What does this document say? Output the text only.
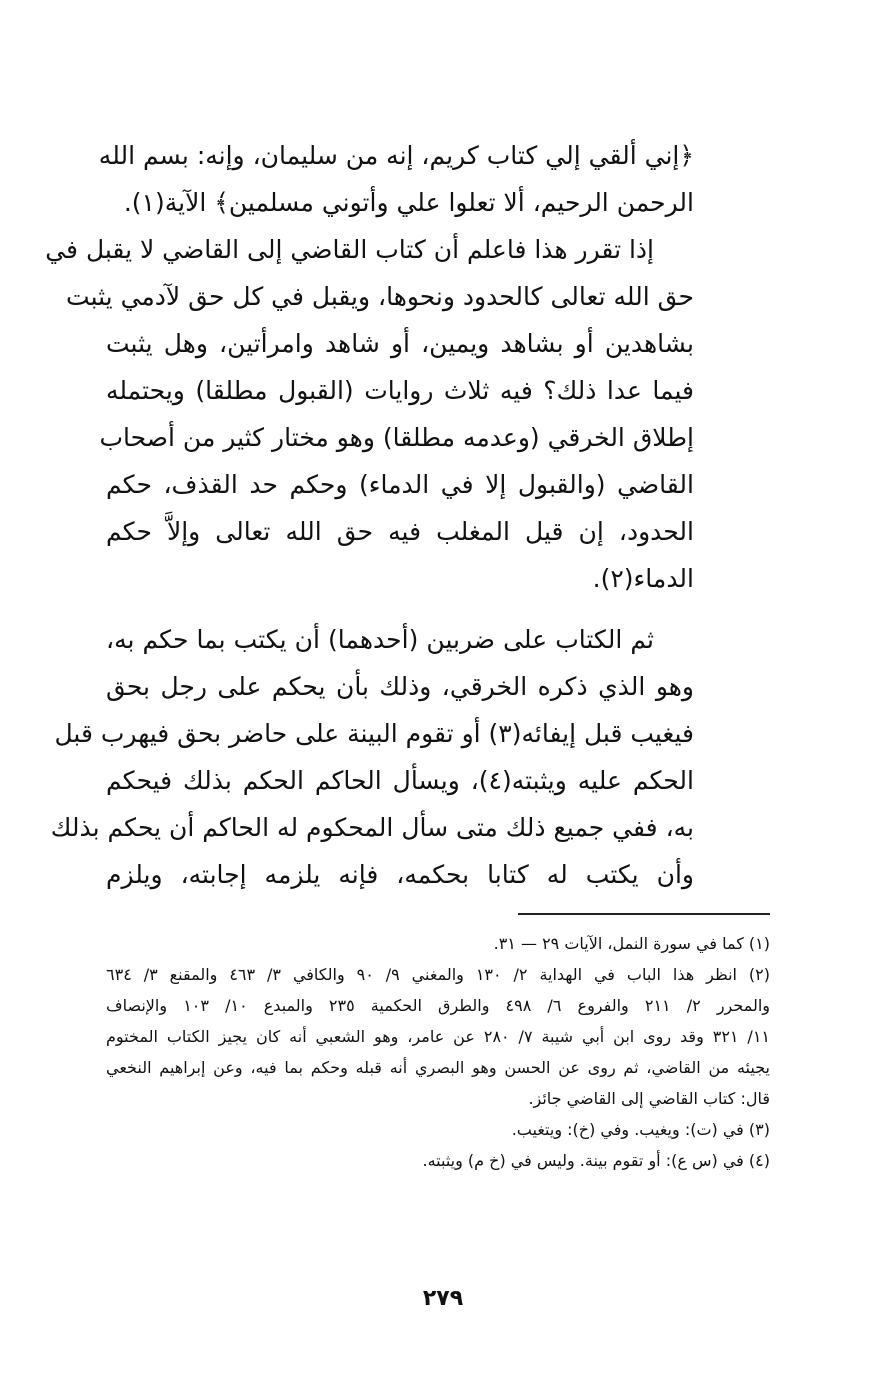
﴿إني ألقي إلي كتاب كريم، إنه من سليمان، وإنه: بسم الله
الرحمن الرحيم، ألا تعلوا علي وأتوني مسلمين﴾ الآية(١).
إذا تقرر هذا فاعلم أن كتاب القاضي إلى القاضي لا يقبل في
حق الله تعالى كالحدود ونحوها، ويقبل في كل حق لآدمي يثبت
بشاهدين أو بشاهد ويمين، أو شاهد وامرأتين، وهل يثبت
فيما عدا ذلك؟ فيه ثلاث روايات (القبول مطلقا) ويحتمله
إطلاق الخرقي (وعدمه مطلقا) وهو مختار كثير من أصحاب
القاضي (والقبول إلا في الدماء) وحكم حد القذف، حكم
الحدود، إن قيل المغلب فيه حق الله تعالى وإلاَّ حكم
الدماء(٢).
ثم الكتاب على ضربين (أحدهما) أن يكتب بما حكم به،
وهو الذي ذكره الخرقي، وذلك بأن يحكم على رجل بحق
فيغيب قبل إيفائه(٣) أو تقوم البينة على حاضر بحق فيهرب قبل
الحكم عليه ويثبته(٤)، ويسأل الحاكم الحكم بذلك فيحكم
به، ففي جميع ذلك متى سأل المحكوم له الحاكم أن يحكم بذلك
وأن يكتب له كتابا بحكمه، فإنه يلزمه إجابته، ويلزم
(١) كما في سورة النمل، الآيات ٢٩ — ٣١.
(٢) انظر هذا الباب في الهداية ٢/ ١٣٠ والمغني ٩/ ٩٠ والكافي ٣/ ٤٦٣ والمقنع ٣/ ٦٣٤
والمحرر ٢/ ٢١١ والفروع ٦/ ٤٩٨ والطرق الحكمية ٢٣٥ والمبدع ١٠/ ١٠٣ والإنصاف
١١/ ٣٢١ وقد روى ابن أبي شيبة ٧/ ٢٨٠ عن عامر، وهو الشعبي أنه كان يجيز الكتاب المختوم
يجيئه من القاضي، ثم روى عن الحسن وهو البصري أنه قبله وحكم بما فيه، وعن إبراهيم النخعي
قال: كتاب القاضي إلى القاضي جائز.
(٣) في (ت): ويغيب. وفي (خ): ويتغيب.
(٤) في (س ع): أو تقوم بينة. وليس في (خ م) ويثبته.
٢٧٩
